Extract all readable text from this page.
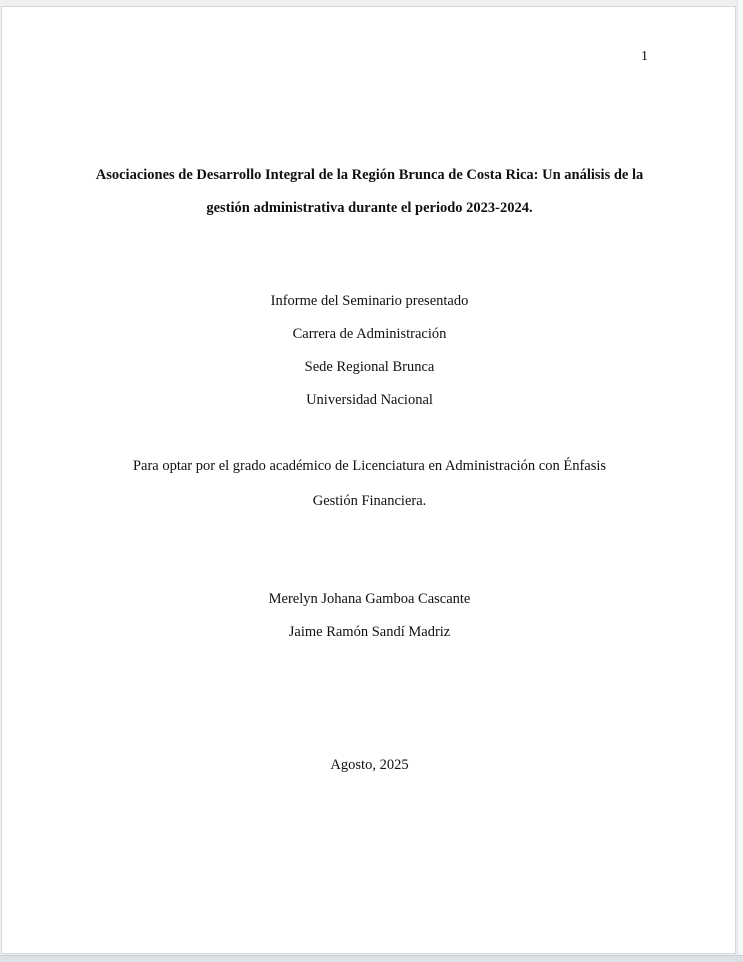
1
Asociaciones de Desarrollo Integral de la Región Brunca de Costa Rica: Un análisis de la
gestión administrativa durante el periodo 2023-2024.
Informe del Seminario presentado
Carrera de Administración
Sede Regional Brunca
Universidad Nacional
Para optar por el grado académico de Licenciatura en Administración con Énfasis
Gestión Financiera.
Merelyn Johana Gamboa Cascante
Jaime Ramón Sandí Madriz
Agosto, 2025
